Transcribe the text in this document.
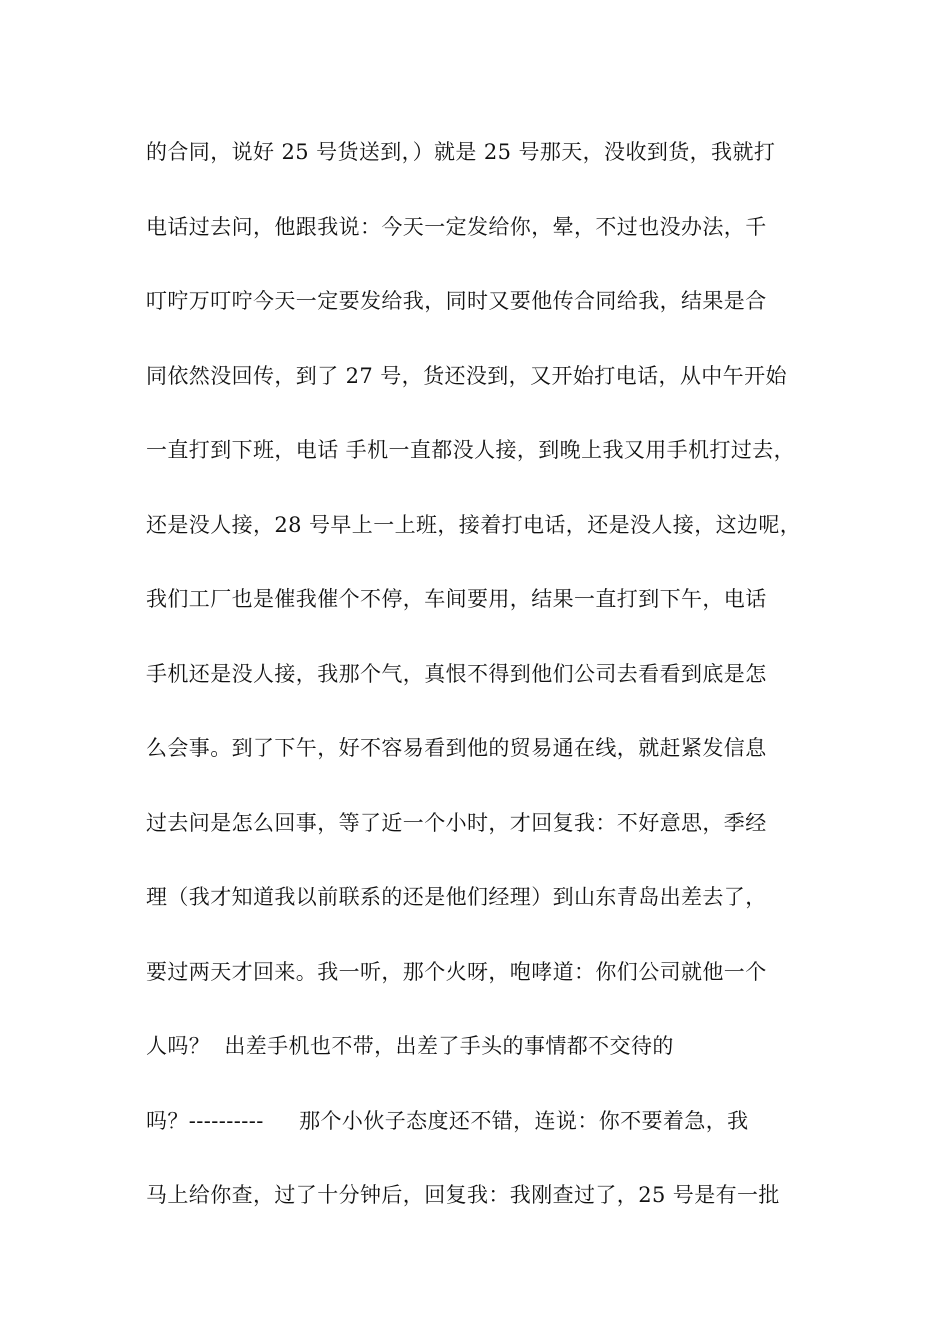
的合同，说好 25 号货送到，）就是 25 号那天，没收到货，我就打
电话过去问，他跟我说：今天一定发给你，晕，不过也没办法，千
叮咛万叮咛今天一定要发给我，同时又要他传合同给我，结果是合
同依然没回传，到了 27 号，货还没到，又开始打电话，从中午开始
一直打到下班，电话 手机一直都没人接，到晚上我又用手机打过去，
还是没人接，28 号早上一上班，接着打电话，还是没人接，这边呢，
我们工厂也是催我催个不停，车间要用，结果一直打到下午，电话
手机还是没人接，我那个气，真恨不得到他们公司去看看到底是怎
么会事。到了下午，好不容易看到他的贸易通在线，就赶紧发信息
过去问是怎么回事，等了近一个小时，才回复我：不好意思，季经
理（我才知道我以前联系的还是他们经理）到山东青岛出差去了，
要过两天才回来。我一听，那个火呀，咆哮道：你们公司就他一个
人吗？  出差手机也不带，出差了手头的事情都不交待的
吗？----------     那个小伙子态度还不错，连说：你不要着急，我
马上给你查，过了十分钟后，回复我：我刚查过了，25 号是有一批
